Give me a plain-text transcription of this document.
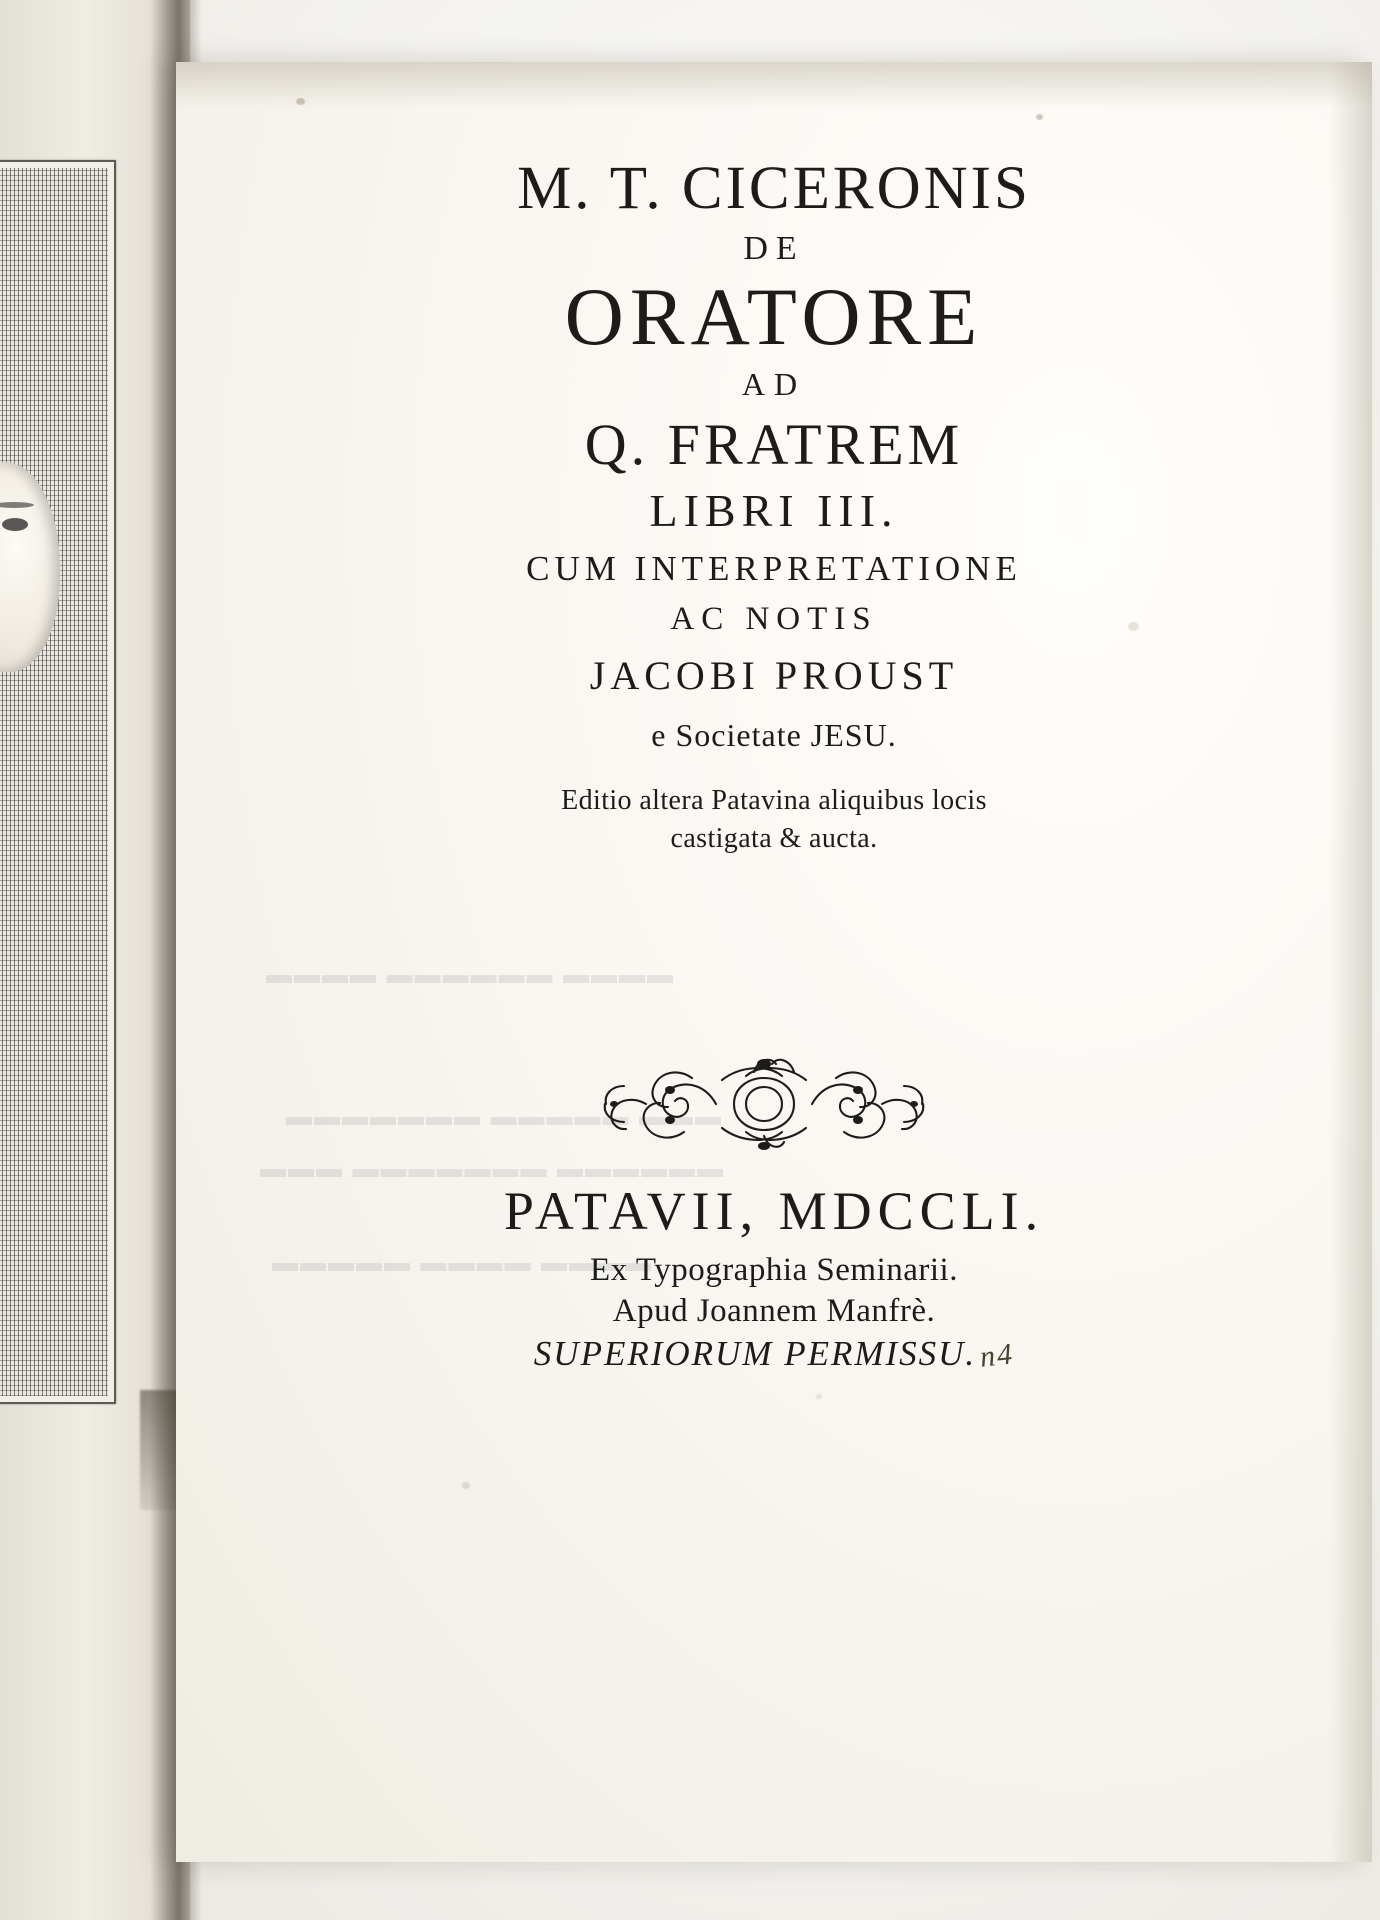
▬▬▬▬ ▬▬▬▬▬▬ ▬▬▬▬
▬▬▬▬▬▬▬ ▬▬▬▬▬ ▬▬▬
▬▬▬ ▬▬▬▬▬▬▬ ▬▬▬▬▬▬
▬▬▬▬▬ ▬▬▬▬ ▬▬▬▬
M. T. CICERONIS
DE
ORATORE
AD
Q. FRATREM
LIBRI III.
CUM INTERPRETATIONE
AC NOTIS
JACOBI PROUST
e Societate JESU.
Editio altera Patavina aliquibus locis
castigata & aucta.
PATAVII, MDCCLI.
Ex Typographia Seminarii.
Apud Joannem Manfrè.
SUPERIORUM PERMISSU.n4
